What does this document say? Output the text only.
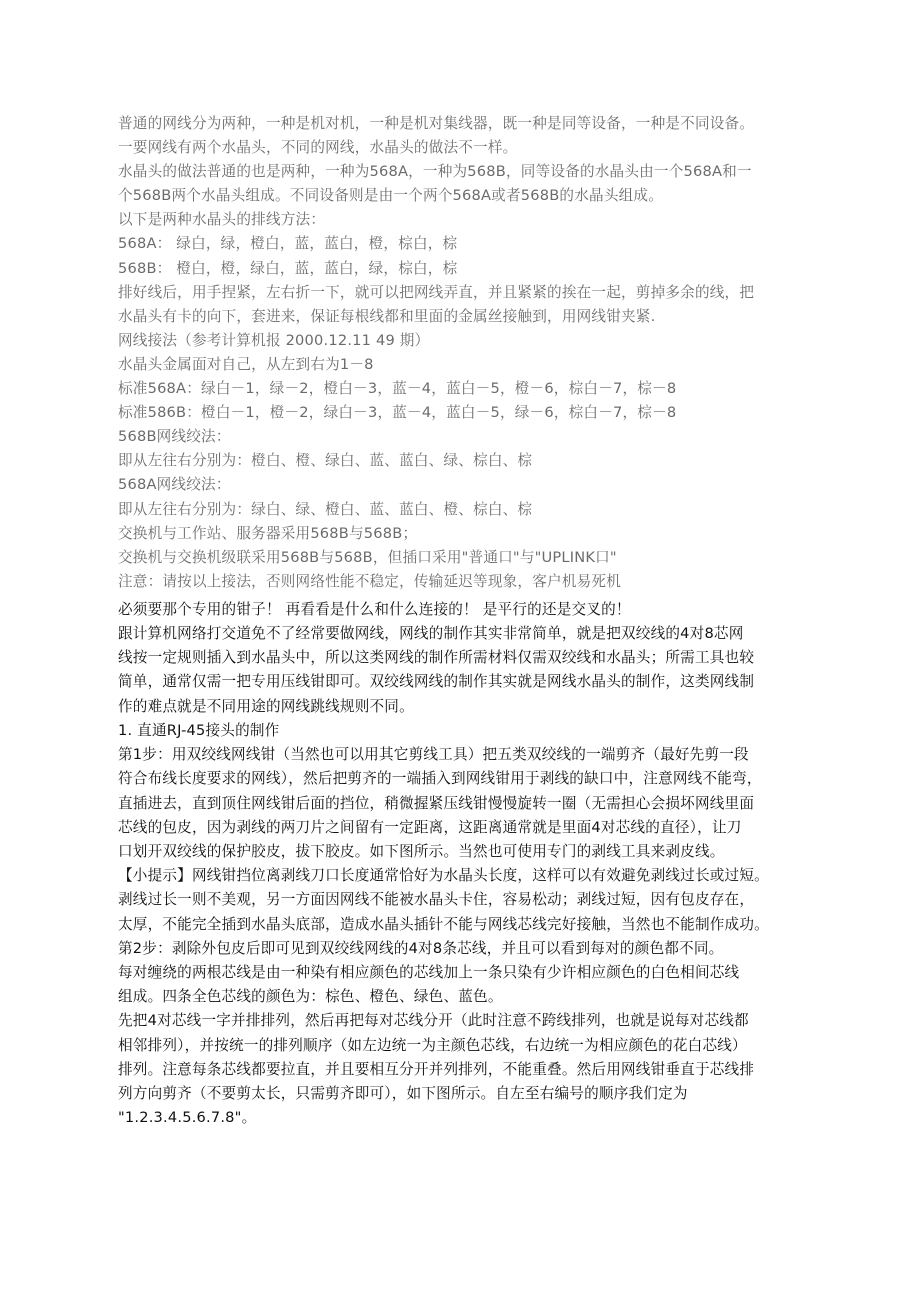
普通的网线分为两种，一种是机对机，一种是机对集线器，既一种是同等设备，一种是不同设备。

一要网线有两个水晶头，不同的网线，水晶头的做法不一样。

水晶头的做法普通的也是两种，一种为568A，一种为568B，同等设备的水晶头由一个568A和一

个568B两个水晶头组成。不同设备则是由一个两个568A或者568B的水晶头组成。

以下是两种水晶头的排线方法：

568A： 绿白，绿，橙白，蓝，蓝白，橙，棕白，棕

568B： 橙白，橙，绿白，蓝，蓝白，绿，棕白，棕

排好线后，用手捏紧，左右折一下，就可以把网线弄直，并且紧紧的挨在一起，剪掉多余的线，把

水晶头有卡的向下，套进来，保证每根线都和里面的金属丝接触到，用网线钳夹紧.

网线接法（参考计算机报 2000.12.11 49 期）

水晶头金属面对自己，从左到右为1－8

标准568A：绿白－1，绿－2，橙白－3，蓝－4，蓝白－5，橙－6，棕白－7，棕－8

标准586B：橙白－1，橙－2，绿白－3，蓝－4，蓝白－5，绿－6，棕白－7，棕－8

568B网线绞法：

即从左往右分别为：橙白、橙、绿白、蓝、蓝白、绿、棕白、棕

568A网线绞法：

即从左往右分别为：绿白、绿、橙白、蓝、蓝白、橙、棕白、棕

交换机与工作站、服务器采用568B与568B；

交换机与交换机级联采用568B与568B，但插口采用"普通口"与"UPLINK口"

注意：请按以上接法，否则网络性能不稳定，传输延迟等现象，客户机易死机

必须要那个专用的钳子！ 再看看是什么和什么连接的！ 是平行的还是交叉的！

跟计算机网络打交道免不了经常要做网线，网线的制作其实非常简单，就是把双绞线的4对8芯网

线按一定规则插入到水晶头中，所以这类网线的制作所需材料仅需双绞线和水晶头；所需工具也较

简单，通常仅需一把专用压线钳即可。双绞线网线的制作其实就是网线水晶头的制作，这类网线制

作的难点就是不同用途的网线跳线规则不同。

1. 直通RJ-45接头的制作

第1步：用双绞线网线钳（当然也可以用其它剪线工具）把五类双绞线的一端剪齐（最好先剪一段

符合布线长度要求的网线），然后把剪齐的一端插入到网线钳用于剥线的缺口中，注意网线不能弯，

直插进去，直到顶住网线钳后面的挡位，稍微握紧压线钳慢慢旋转一圈（无需担心会损坏网线里面

芯线的包皮，因为剥线的两刀片之间留有一定距离，这距离通常就是里面4对芯线的直径），让刀

口划开双绞线的保护胶皮，拔下胶皮。如下图所示。当然也可使用专门的剥线工具来剥皮线。

【小提示】网线钳挡位离剥线刀口长度通常恰好为水晶头长度，这样可以有效避免剥线过长或过短。

剥线过长一则不美观，另一方面因网线不能被水晶头卡住，容易松动；剥线过短，因有包皮存在，

太厚，不能完全插到水晶头底部，造成水晶头插针不能与网线芯线完好接触，当然也不能制作成功。

第2步：剥除外包皮后即可见到双绞线网线的4对8条芯线，并且可以看到每对的颜色都不同。

每对缠绕的两根芯线是由一种染有相应颜色的芯线加上一条只染有少许相应颜色的白色相间芯线

组成。四条全色芯线的颜色为：棕色、橙色、绿色、蓝色。

先把4对芯线一字并排排列，然后再把每对芯线分开（此时注意不跨线排列，也就是说每对芯线都

相邻排列），并按统一的排列顺序（如左边统一为主颜色芯线，右边统一为相应颜色的花白芯线）

排列。注意每条芯线都要拉直，并且要相互分开并列排列，不能重叠。然后用网线钳垂直于芯线排

列方向剪齐（不要剪太长，只需剪齐即可），如下图所示。自左至右编号的顺序我们定为

"1.2.3.4.5.6.7.8"。
